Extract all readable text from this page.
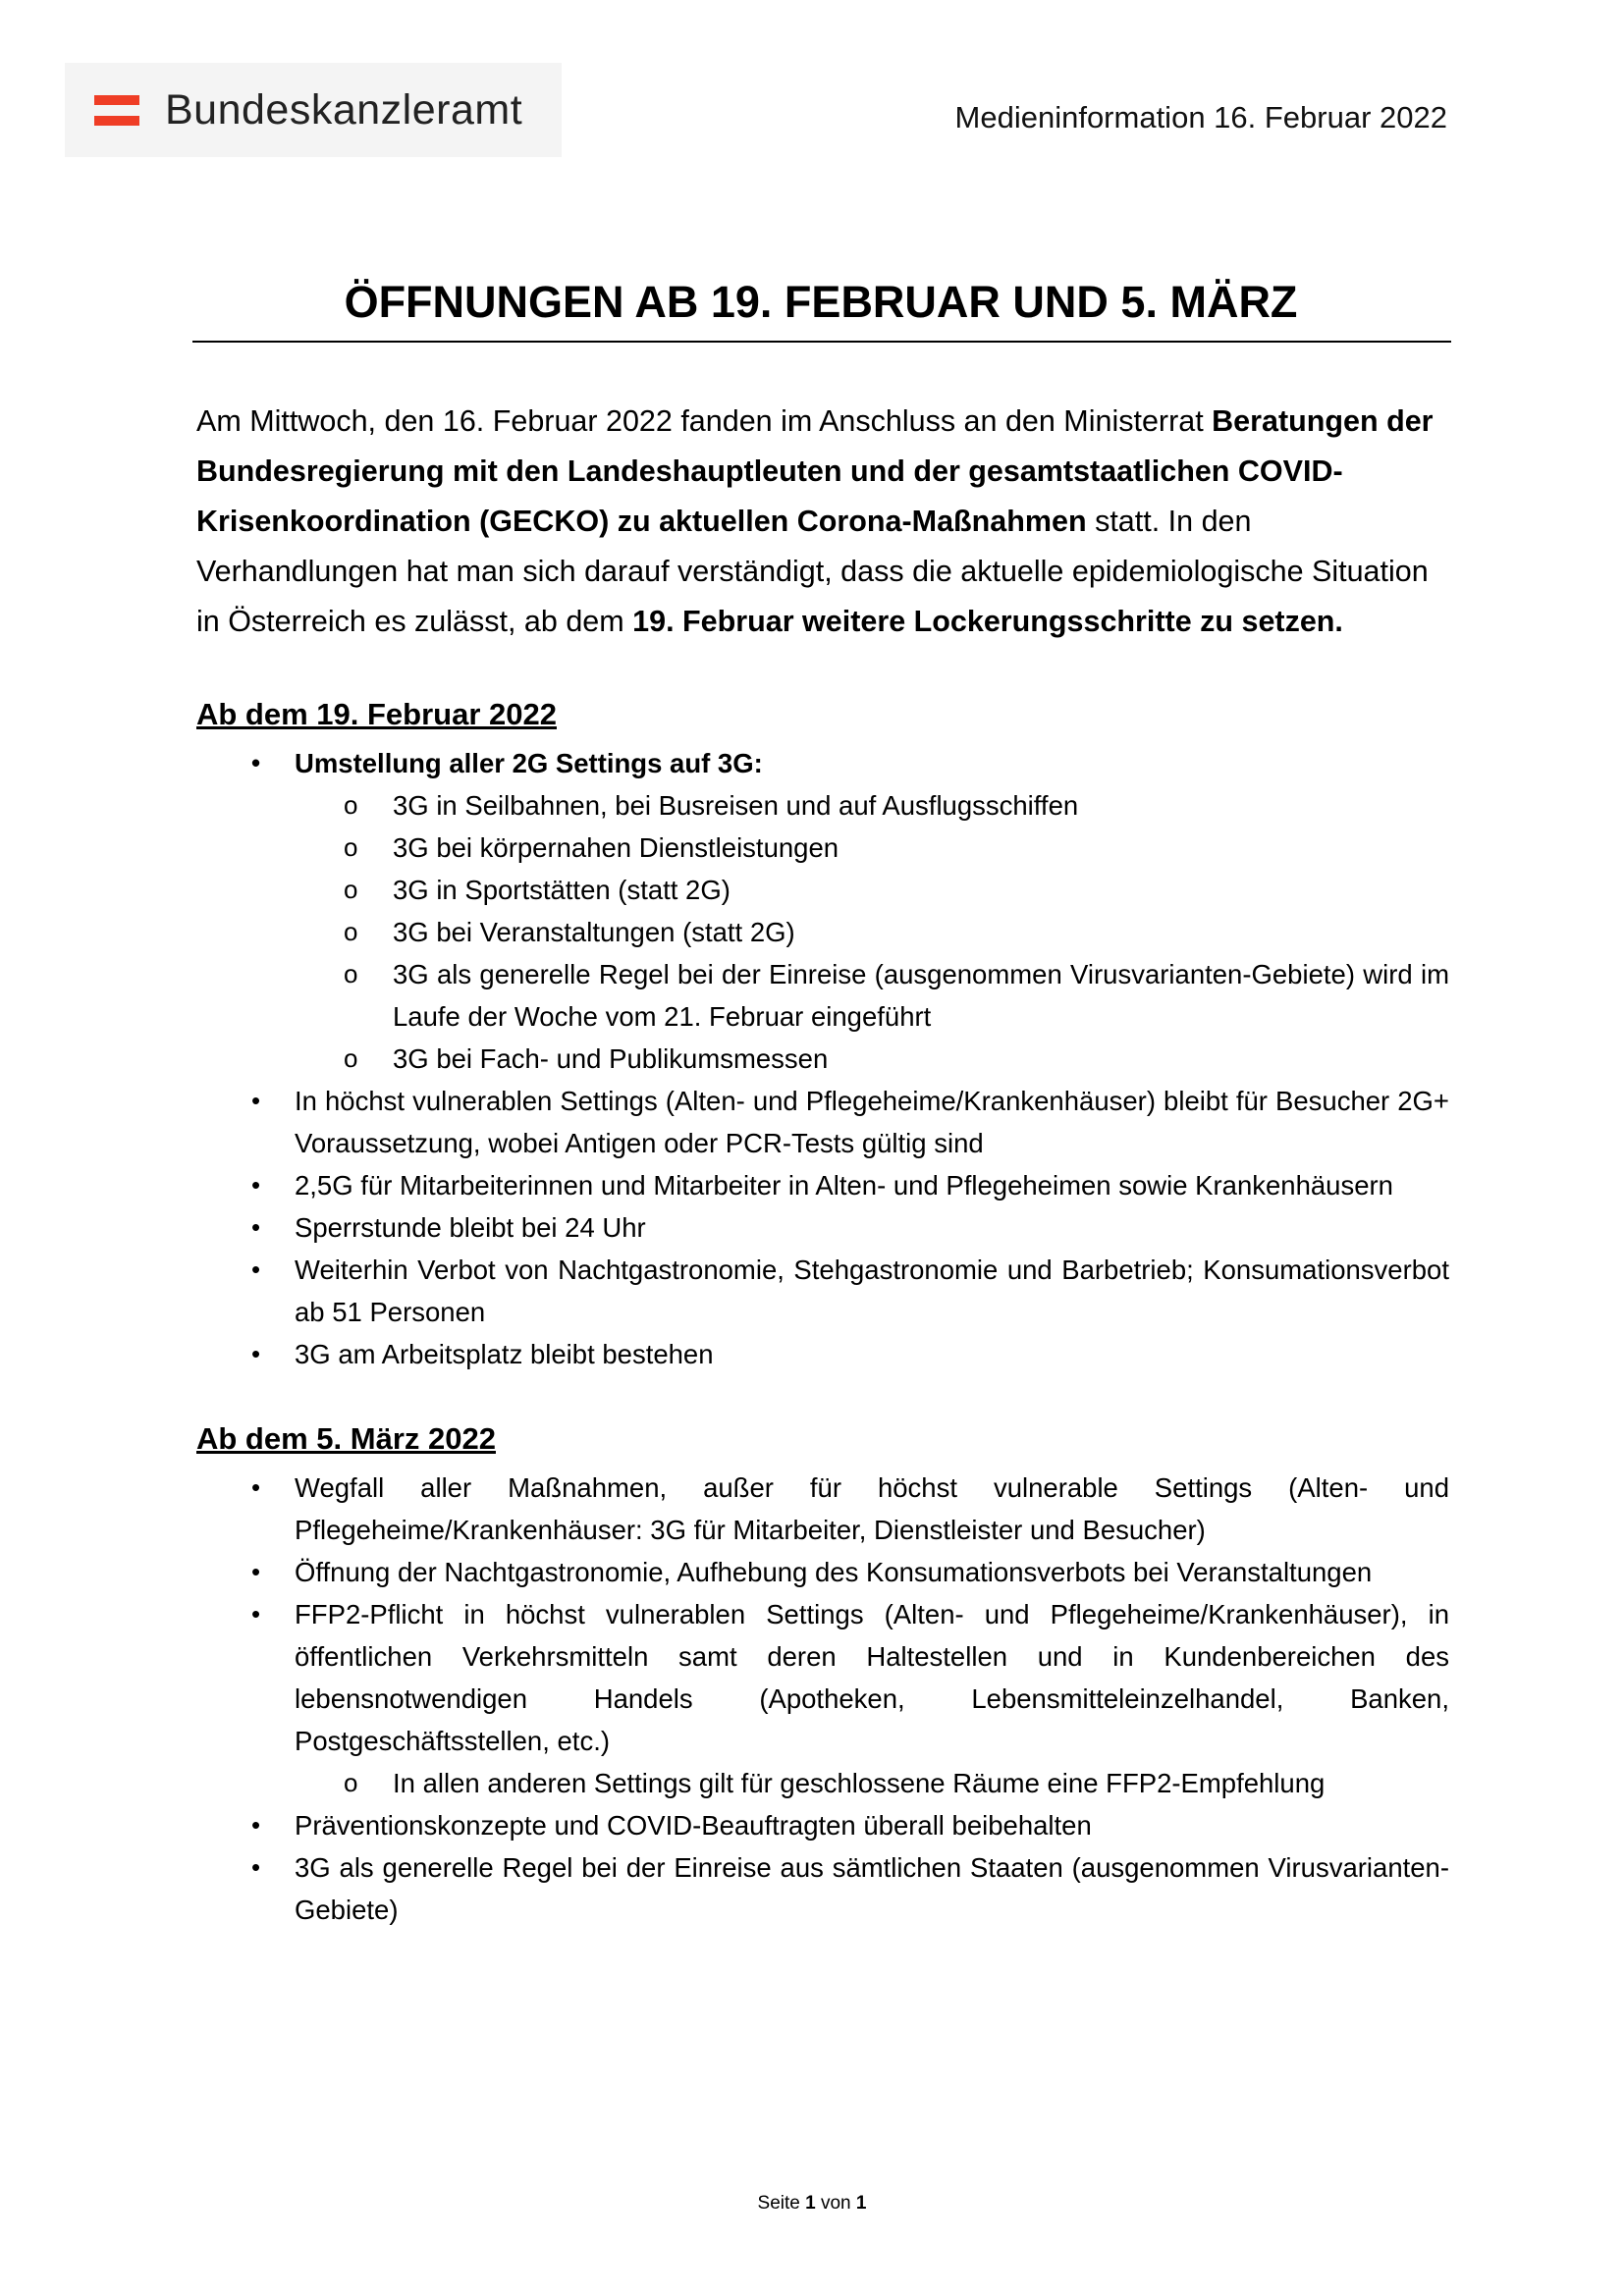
Bundeskanzleramt	Medieninformation 16. Februar 2022
ÖFFNUNGEN AB 19. FEBRUAR UND 5. MÄRZ
Am Mittwoch, den 16. Februar 2022 fanden im Anschluss an den Ministerrat Beratungen der Bundesregierung mit den Landeshauptleuten und der gesamtstaatlichen COVID-Krisenkoordination (GECKO) zu aktuellen Corona-Maßnahmen statt. In den Verhandlungen hat man sich darauf verständigt, dass die aktuelle epidemiologische Situation in Österreich es zulässt, ab dem 19. Februar weitere Lockerungsschritte zu setzen.
Ab dem 19. Februar 2022
• Umstellung aller 2G Settings auf 3G:
o 3G in Seilbahnen, bei Busreisen und auf Ausflugsschiffen
o 3G bei körpernahen Dienstleistungen
o 3G in Sportstätten (statt 2G)
o 3G bei Veranstaltungen (statt 2G)
o 3G als generelle Regel bei der Einreise (ausgenommen Virusvarianten-Gebiete) wird im Laufe der Woche vom 21. Februar eingeführt
o 3G bei Fach- und Publikumsmessen
• In höchst vulnerablen Settings (Alten- und Pflegeheime/Krankenhäuser) bleibt für Besucher 2G+ Voraussetzung, wobei Antigen oder PCR-Tests gültig sind
• 2,5G für Mitarbeiterinnen und Mitarbeiter in Alten- und Pflegeheimen sowie Krankenhäusern
• Sperrstunde bleibt bei 24 Uhr
• Weiterhin Verbot von Nachtgastronomie, Stehgastronomie und Barbetrieb; Konsumationsverbot ab 51 Personen
• 3G am Arbeitsplatz bleibt bestehen
Ab dem 5. März 2022
• Wegfall aller Maßnahmen, außer für höchst vulnerable Settings (Alten- und Pflegeheime/Krankenhäuser: 3G für Mitarbeiter, Dienstleister und Besucher)
• Öffnung der Nachtgastronomie, Aufhebung des Konsumationsverbots bei Veranstaltungen
• FFP2-Pflicht in höchst vulnerablen Settings (Alten- und Pflegeheime/Krankenhäuser), in öffentlichen Verkehrsmitteln samt deren Haltestellen und in Kundenbereichen des lebensnotwendigen Handels (Apotheken, Lebensmitteleinzelhandel, Banken, Postgeschäftsstellen, etc.)
o In allen anderen Settings gilt für geschlossene Räume eine FFP2-Empfehlung
• Präventionskonzepte und COVID-Beauftragten überall beibehalten
• 3G als generelle Regel bei der Einreise aus sämtlichen Staaten (ausgenommen Virusvarianten-Gebiete)
Seite 1 von 1
